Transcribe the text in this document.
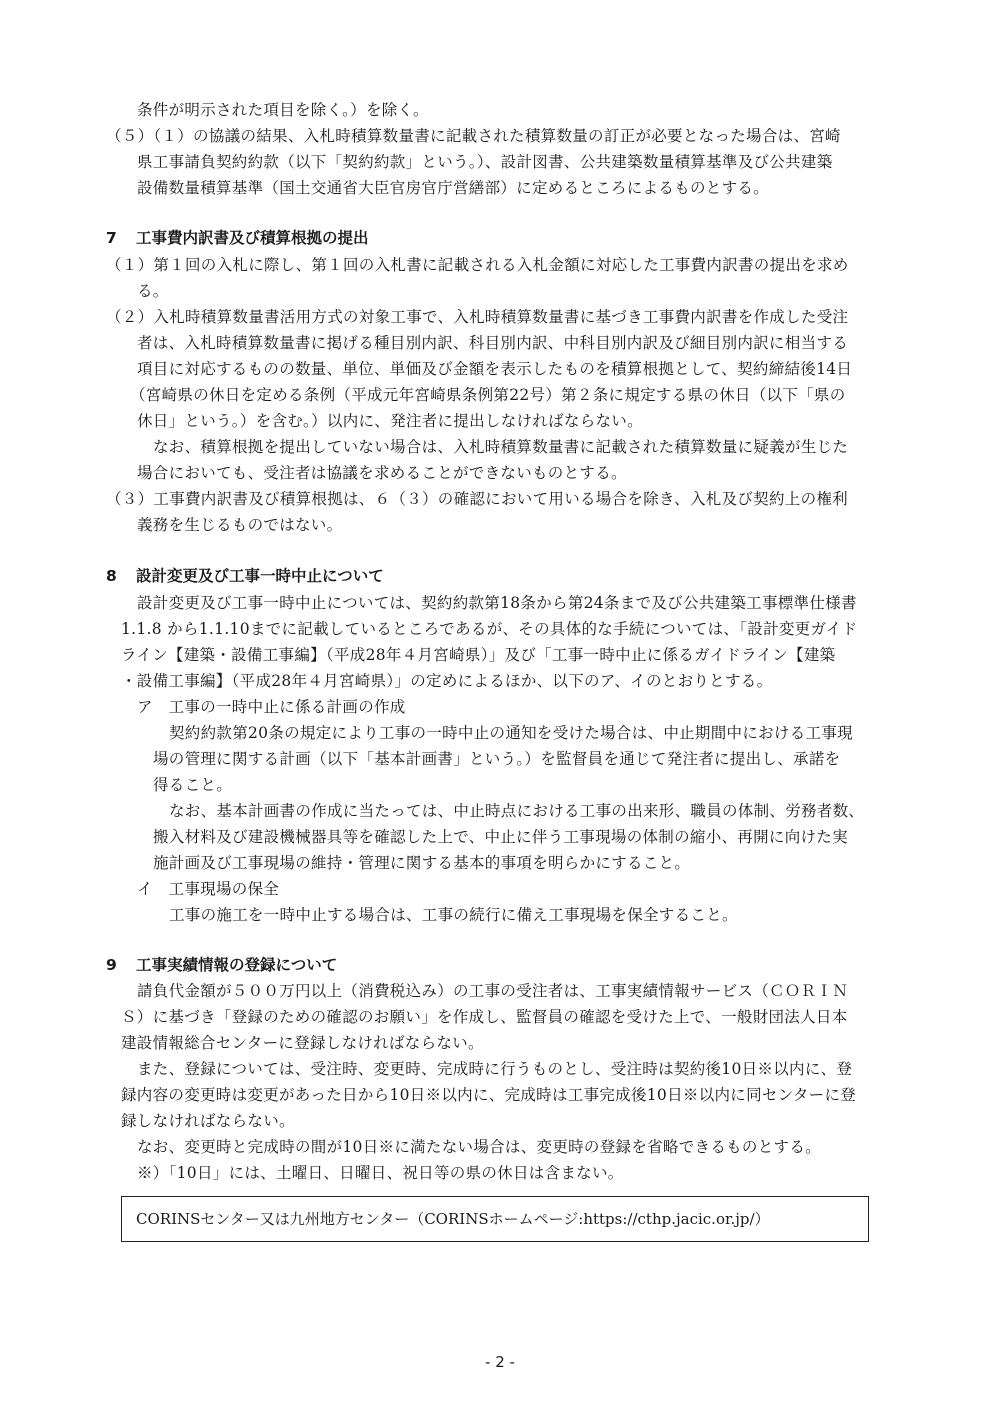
条件が明示された項目を除く。）を除く。
（５）（１）の協議の結果、入札時積算数量書に記載された積算数量の訂正が必要となった場合は、宮崎
県工事請負契約約款（以下「契約約款」という。）、設計図書、公共建築数量積算基準及び公共建築
設備数量積算基準（国土交通省大臣官房官庁営繕部）に定めるところによるものとする。
7 工事費内訳書及び積算根拠の提出
（１）第１回の入札に際し、第１回の入札書に記載される入札金額に対応した工事費内訳書の提出を求め
る。
（２）入札時積算数量書活用方式の対象工事で、入札時積算数量書に基づき工事費内訳書を作成した受注
者は、入札時積算数量書に掲げる種目別内訳、科目別内訳、中科目別内訳及び細目別内訳に相当する
項目に対応するものの数量、単位、単価及び金額を表示したものを積算根拠として、契約締結後14日
（宮崎県の休日を定める条例（平成元年宮崎県条例第22号）第２条に規定する県の休日（以下「県の
休日」という。）を含む。）以内に、発注者に提出しなければならない。
なお、積算根拠を提出していない場合は、入札時積算数量書に記載された積算数量に疑義が生じた
場合においても、受注者は協議を求めることができないものとする。
（３）工事費内訳書及び積算根拠は、６（３）の確認において用いる場合を除き、入札及び契約上の権利
義務を生じるものではない。
8 設計変更及び工事一時中止について
設計変更及び工事一時中止については、契約約款第18条から第24条まで及び公共建築工事標準仕様書
1.1.8 から1.1.10までに記載しているところであるが、その具体的な手続については、「設計変更ガイド
ライン【建築・設備工事編】（平成28年４月宮崎県）」及び「工事一時中止に係るガイドライン【建築
・設備工事編】（平成28年４月宮崎県）」の定めによるほか、以下のア、イのとおりとする。
ア　工事の一時中止に係る計画の作成
契約約款第20条の規定により工事の一時中止の通知を受けた場合は、中止期間中における工事現
場の管理に関する計画（以下「基本計画書」という。）を監督員を通じて発注者に提出し、承諾を
得ること。
なお、基本計画書の作成に当たっては、中止時点における工事の出来形、職員の体制、労務者数、
搬入材料及び建設機械器具等を確認した上で、中止に伴う工事現場の体制の縮小、再開に向けた実
施計画及び工事現場の維持・管理に関する基本的事項を明らかにすること。
イ　工事現場の保全
工事の施工を一時中止する場合は、工事の続行に備え工事現場を保全すること。
9 工事実績情報の登録について
請負代金額が５００万円以上（消費税込み）の工事の受注者は、工事実績情報サービス（ＣＯＲＩＮ
Ｓ）に基づき「登録のための確認のお願い」を作成し、監督員の確認を受けた上で、一般財団法人日本
建設情報総合センターに登録しなければならない。
また、登録については、受注時、変更時、完成時に行うものとし、受注時は契約後10日※以内に、登
録内容の変更時は変更があった日から10日※以内に、完成時は工事完成後10日※以内に同センターに登
録しなければならない。
なお、変更時と完成時の間が10日※に満たない場合は、変更時の登録を省略できるものとする。
※）「10日」には、土曜日、日曜日、祝日等の県の休日は含まない。
CORINSセンター又は九州地方センター（CORINSホームページ:https://cthp.jacic.or.jp/）
- 2 -
